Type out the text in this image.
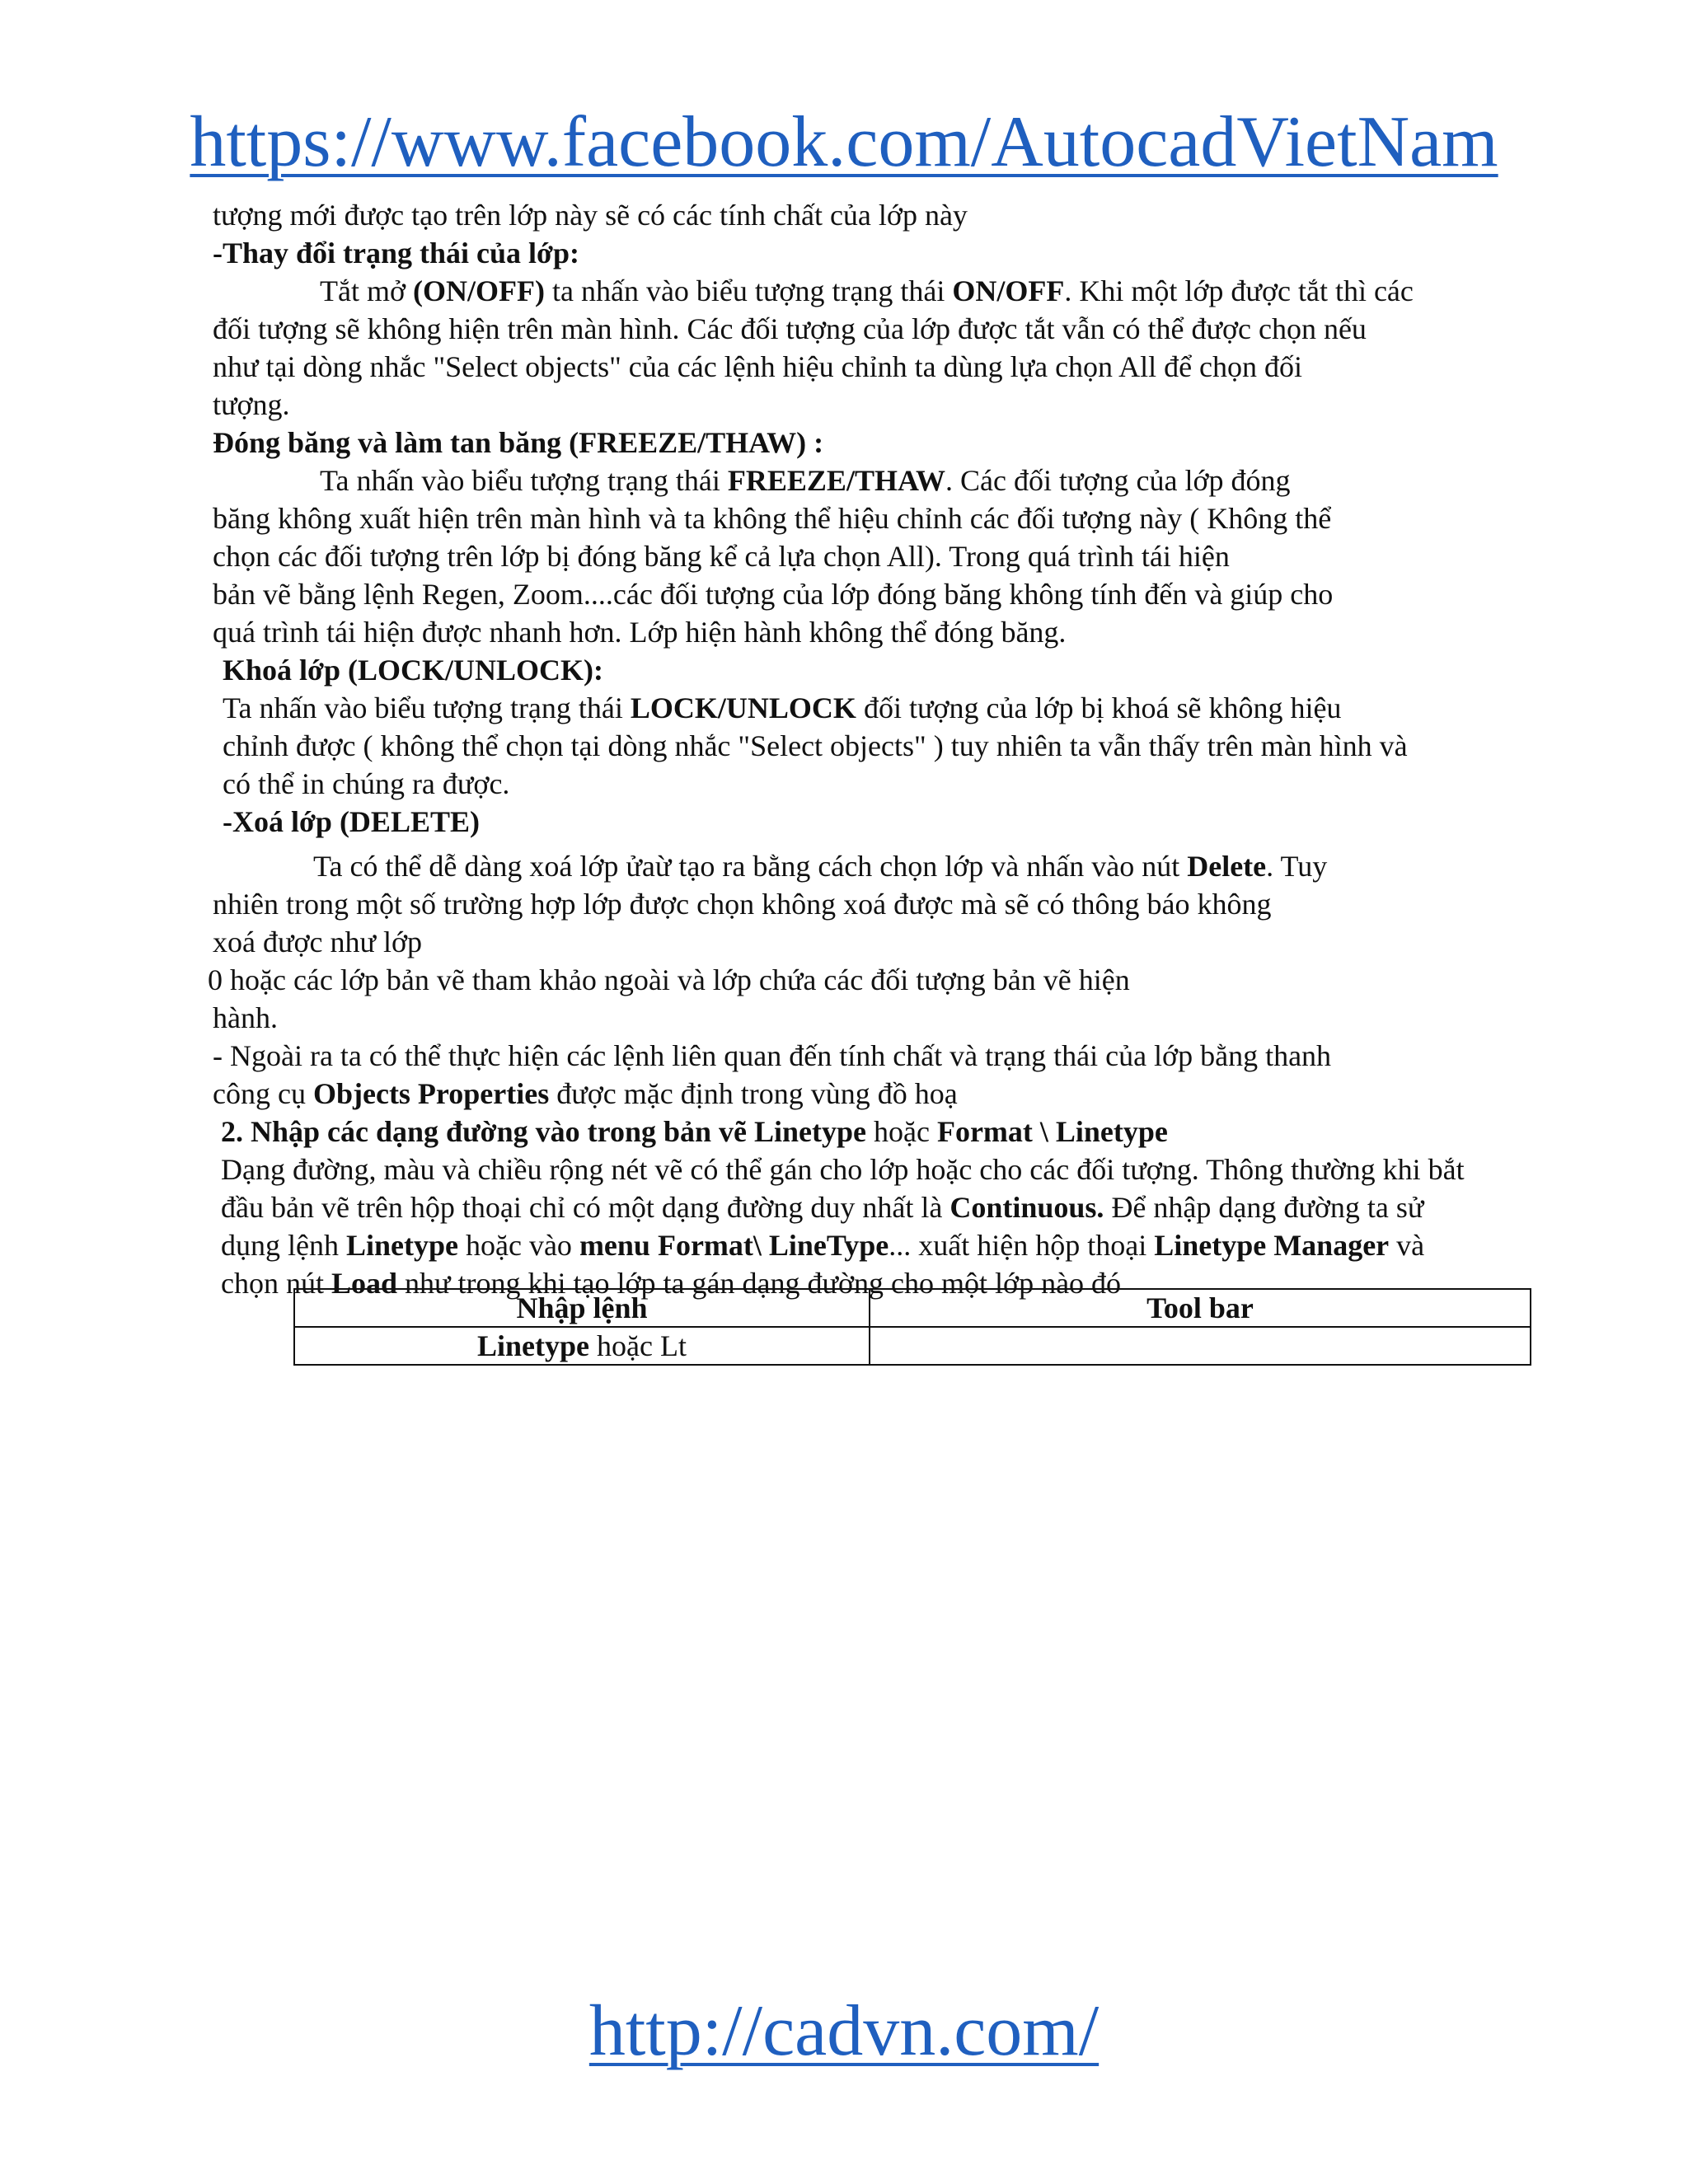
https://www.facebook.com/AutocadVietNam
tượng mới được tạo trên lớp này sẽ có các tính chất của lớp này
-Thay đổi trạng thái của lớp:
Tắt mở (ON/OFF) ta nhấn vào biểu tượng trạng thái ON/OFF. Khi một lớp được tắt thì các
đối tượng sẽ không hiện trên màn hình. Các đối tượng của lớp được tắt vẫn có thể được chọn nếu
như tại dòng nhắc "Select objects" của các lệnh hiệu chỉnh ta dùng lựa chọn All để chọn đối
tượng.
Đóng băng và làm tan băng (FREEZE/THAW) :
Ta nhấn vào biểu tượng trạng thái FREEZE/THAW. Các đối tượng của lớp đóng
băng không xuất hiện trên màn hình và ta không thể hiệu chỉnh các đối tượng này ( Không thể
chọn các đối tượng trên lớp bị đóng băng kể cả lựa chọn All). Trong quá trình tái hiện
bản vẽ bằng lệnh Regen, Zoom....các đối tượng của lớp đóng băng không tính đến và giúp cho
quá trình tái hiện được nhanh hơn. Lớp hiện hành không thể đóng băng.
Khoá lớp (LOCK/UNLOCK):
Ta nhấn vào biểu tượng trạng thái LOCK/UNLOCK đối tượng của lớp bị khoá sẽ không hiệu
chỉnh được ( không thể chọn tại dòng nhắc "Select objects" ) tuy nhiên ta vẫn thấy trên màn hình và
có thể in chúng ra được.
-Xoá lớp (DELETE)
Ta có thể dễ dàng xoá lớp ửaừ tạo ra bằng cách chọn lớp và nhấn vào nút Delete. Tuy
nhiên trong một số trường hợp lớp được chọn không xoá được mà sẽ có thông báo không
xoá được như lớp
0 hoặc các lớp bản vẽ tham khảo ngoài và lớp chứa các đối tượng bản vẽ hiện
hành.
- Ngoài ra ta có thể thực hiện các lệnh liên quan đến tính chất và trạng thái của lớp bằng thanh
công cụ Objects Properties được mặc định trong vùng đồ hoạ
2. Nhập các dạng đường vào trong bản vẽ Linetype hoặc Format \ Linetype
Dạng đường, màu và chiều rộng nét vẽ có thể gán cho lớp hoặc cho các đối tượng. Thông thường khi bắt
đầu bản vẽ trên hộp thoại chỉ có một dạng đường duy nhất là Continuous. Để nhập dạng đường ta sử
dụng lệnh Linetype hoặc vào menu Format\ LineType... xuất hiện hộp thoại Linetype Manager và
chọn nút Load như trong khi tạo lớp ta gán dạng đường cho một lớp nào đó
Nhập lệnh	Tool bar
Linetype hoặc Lt	
http://cadvn.com/
